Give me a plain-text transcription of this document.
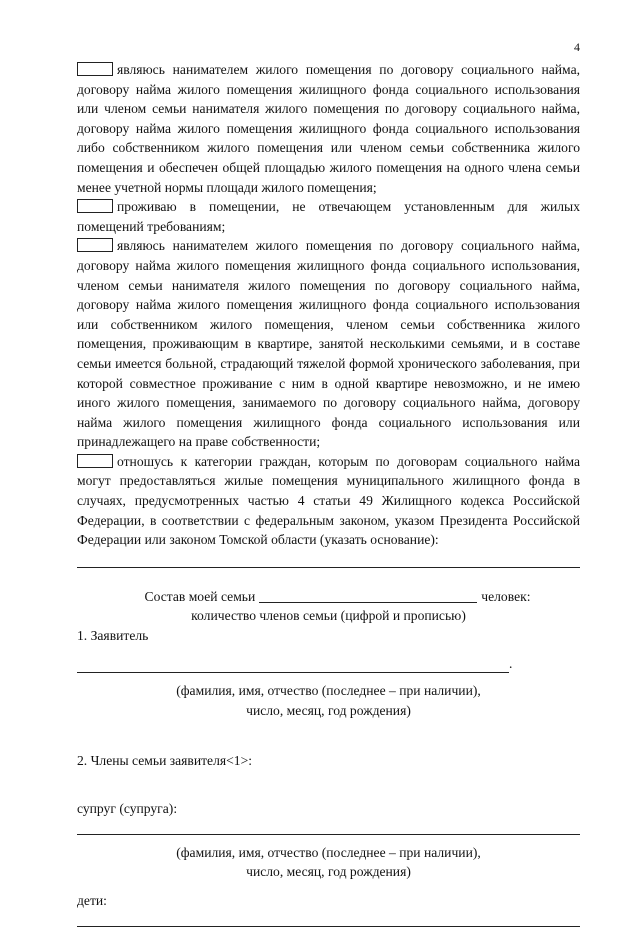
4

являюсь нанимателем жилого помещения по договору социального найма, договору найма жилого помещения жилищного фонда социального использования или членом семьи нанимателя жилого помещения по договору социального найма, договору найма жилого помещения жилищного фонда социального использования либо собственником жилого помещения или членом семьи собственника жилого помещения и обеспечен общей площадью жилого помещения на одного члена семьи менее учетной нормы площади жилого помещения;

проживаю в помещении, не отвечающем установленным для жилых помещений требованиям;

являюсь нанимателем жилого помещения по договору социального найма, договору найма жилого помещения жилищного фонда социального использования, членом семьи нанимателя жилого помещения по договору социального найма, договору найма жилого помещения жилищного фонда социального использования или собственником жилого помещения, членом семьи собственника жилого помещения, проживающим в квартире, занятой несколькими семьями, и в составе семьи имеется больной, страдающий тяжелой формой хронического заболевания, при которой совместное проживание с ним в одной квартире невозможно, и не имею иного жилого помещения, занимаемого по договору социального найма, договору найма жилого помещения жилищного фонда социального использования или принадлежащего на праве собственности;

отношусь к категории граждан, которым по договорам социального найма могут предоставляться жилые помещения муниципального жилищного фонда в случаях, предусмотренных частью 4 статьи 49 Жилищного кодекса Российской Федерации, в соответствии с федеральным законом, указом Президента Российской Федерации или законом Томской области (указать основание):

Состав моей семьи	человек:
количество членов семьи (цифрой и прописью)
1. Заявитель
.
(фамилия, имя, отчество (последнее – при наличии),
число, месяц, год рождения)
2. Члены семьи заявителя<1>:
супруг (супруга):
(фамилия, имя, отчество (последнее – при наличии),
число, месяц, год рождения)
дети:
